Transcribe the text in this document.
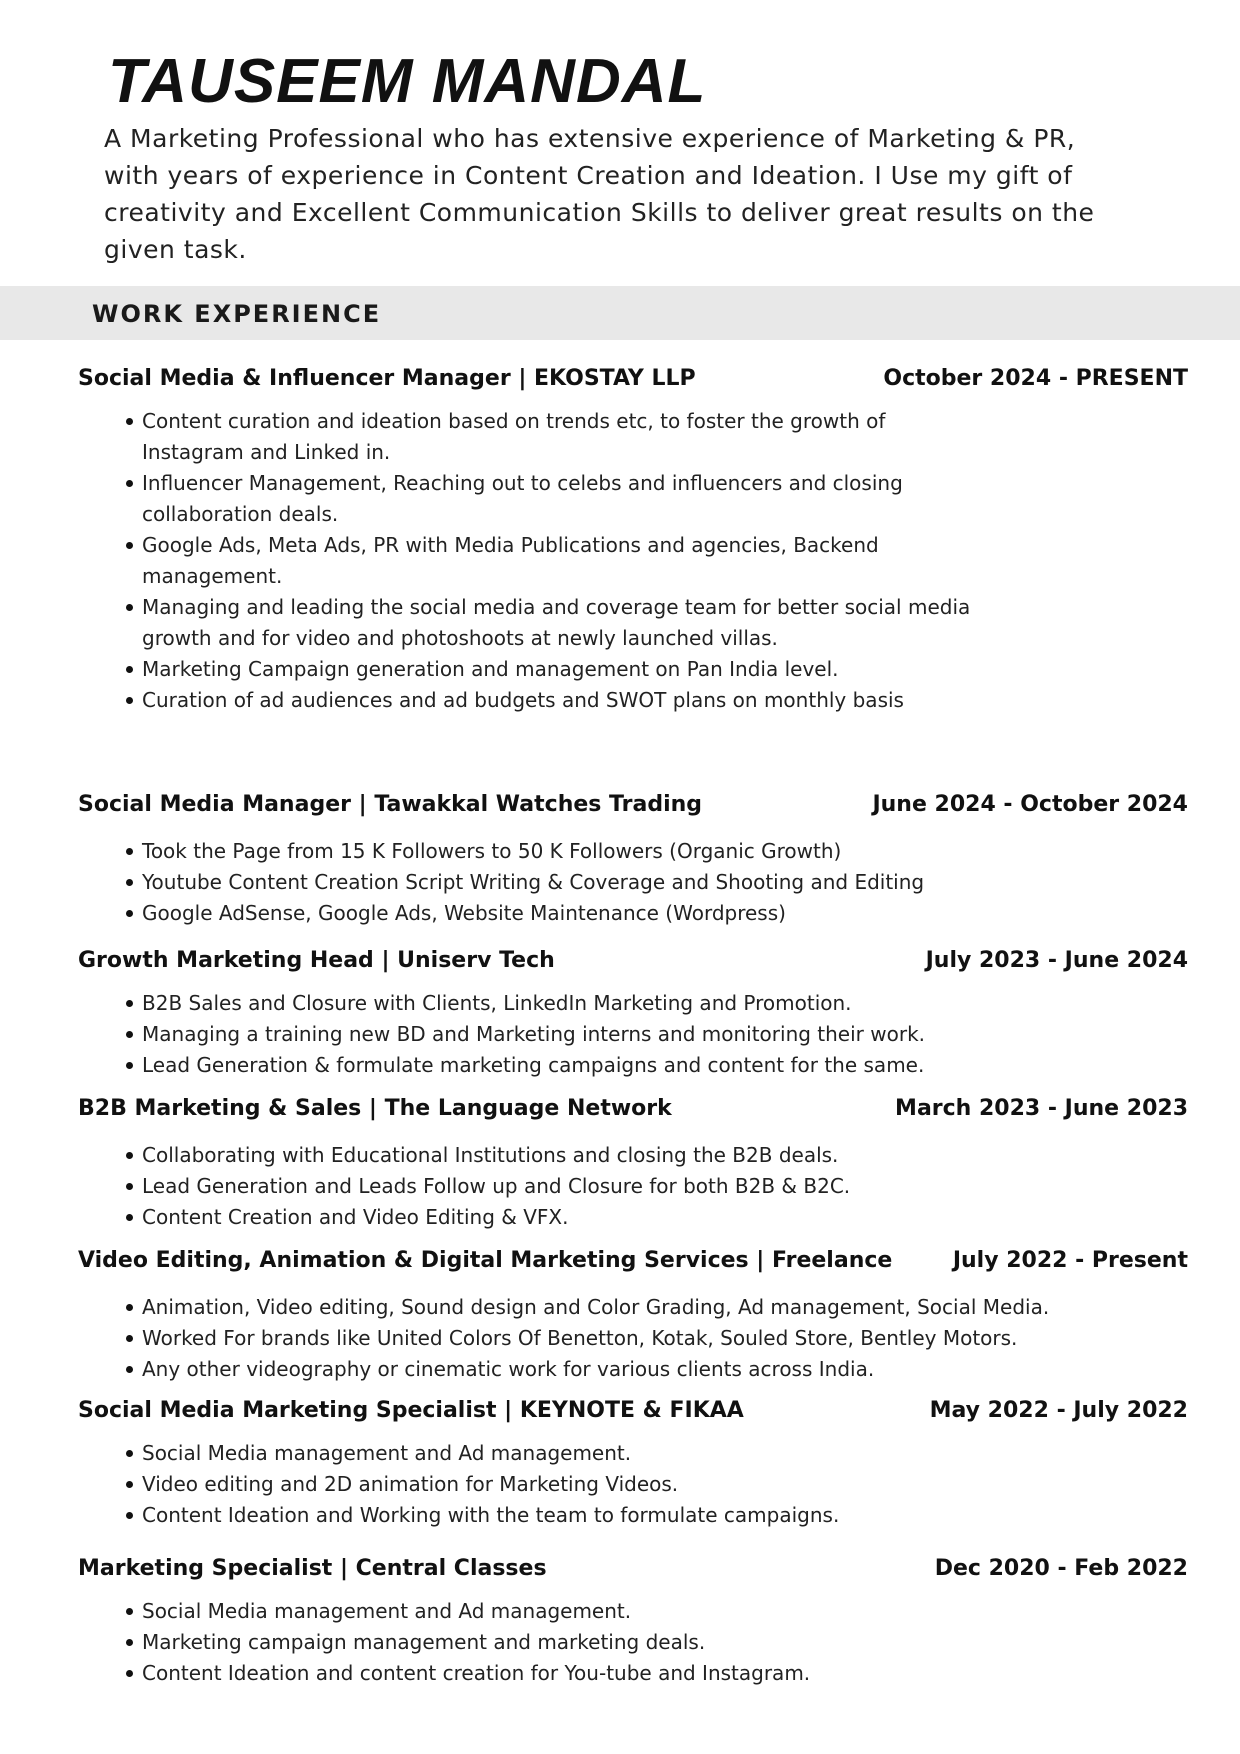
TAUSEEM MANDAL

A Marketing Professional who has extensive experience of Marketing & PR, with years of experience in Content Creation and Ideation. I Use my gift of creativity and Excellent Communication Skills to deliver great results on the given task.

WORK EXPERIENCE
Social Media & Influencer Manager | EKOSTAY LLP	October 2024 - PRESENT
Content curation and ideation based on trends etc, to foster the growth of Instagram and Linked in.
Influencer Management, Reaching out to celebs and influencers and closing collaboration deals.
Google Ads, Meta Ads, PR with Media Publications and agencies, Backend management.
Managing and leading the social media and coverage team for better social media growth and for video and photoshoots at newly launched villas.
Marketing Campaign generation and management on Pan India level.
Curation of ad audiences and ad budgets and SWOT plans on monthly basis
Social Media Manager | Tawakkal Watches Trading	June 2024 - October 2024
Took the Page from 15 K Followers to 50 K Followers (Organic Growth)
Youtube Content Creation Script Writing & Coverage and Shooting and Editing
Google AdSense, Google Ads, Website Maintenance (Wordpress)
Growth Marketing Head | Uniserv Tech	July 2023 - June 2024
B2B Sales and Closure with Clients, LinkedIn Marketing and Promotion.
Managing a training new BD and Marketing interns and monitoring their work.
Lead Generation & formulate marketing campaigns and content for the same.
B2B Marketing & Sales | The Language Network	March 2023 - June 2023
Collaborating with Educational Institutions and closing the B2B deals.
Lead Generation and Leads Follow up and Closure for both B2B & B2C.
Content Creation and Video Editing & VFX.
Video Editing, Animation & Digital Marketing Services | Freelance	July 2022 - Present
Animation, Video editing, Sound design and Color Grading, Ad management, Social Media.
Worked For brands like United Colors Of Benetton, Kotak, Souled Store, Bentley Motors.
Any other videography or cinematic work for various clients across India.
Social Media Marketing Specialist | KEYNOTE & FIKAA	May 2022 - July 2022
Social Media management and Ad management.
Video editing and 2D animation for Marketing Videos.
Content Ideation and Working with the team to formulate campaigns.
Marketing Specialist | Central Classes	Dec 2020 - Feb 2022
Social Media management and Ad management.
Marketing campaign management and marketing deals.
Content Ideation and content creation for You-tube and Instagram.
